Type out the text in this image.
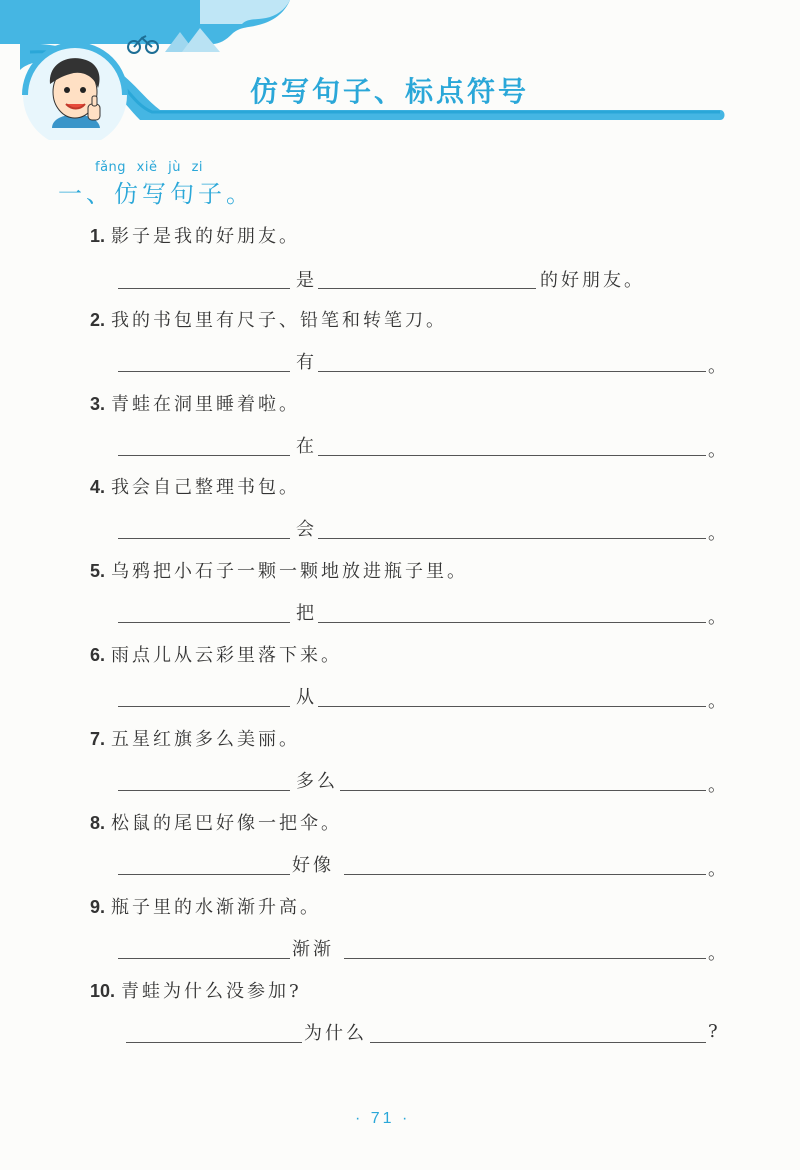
仿写句子、标点符号
fǎng xiě jù zi
一、仿写句子。
1. 影子是我的好朋友。
是	的好朋友。
2. 我的书包里有尺子、铅笔和转笔刀。
有	。
3. 青蛙在洞里睡着啦。
在	。
4. 我会自己整理书包。
会	。
5. 乌鸦把小石子一颗一颗地放进瓶子里。
把	。
6. 雨点儿从云彩里落下来。
从	。
7. 五星红旗多么美丽。
多么	。
8. 松鼠的尾巴好像一把伞。
好像	。
9. 瓶子里的水渐渐升高。
渐渐	。
10. 青蛙为什么没参加?
为什么	?
· 71 ·
